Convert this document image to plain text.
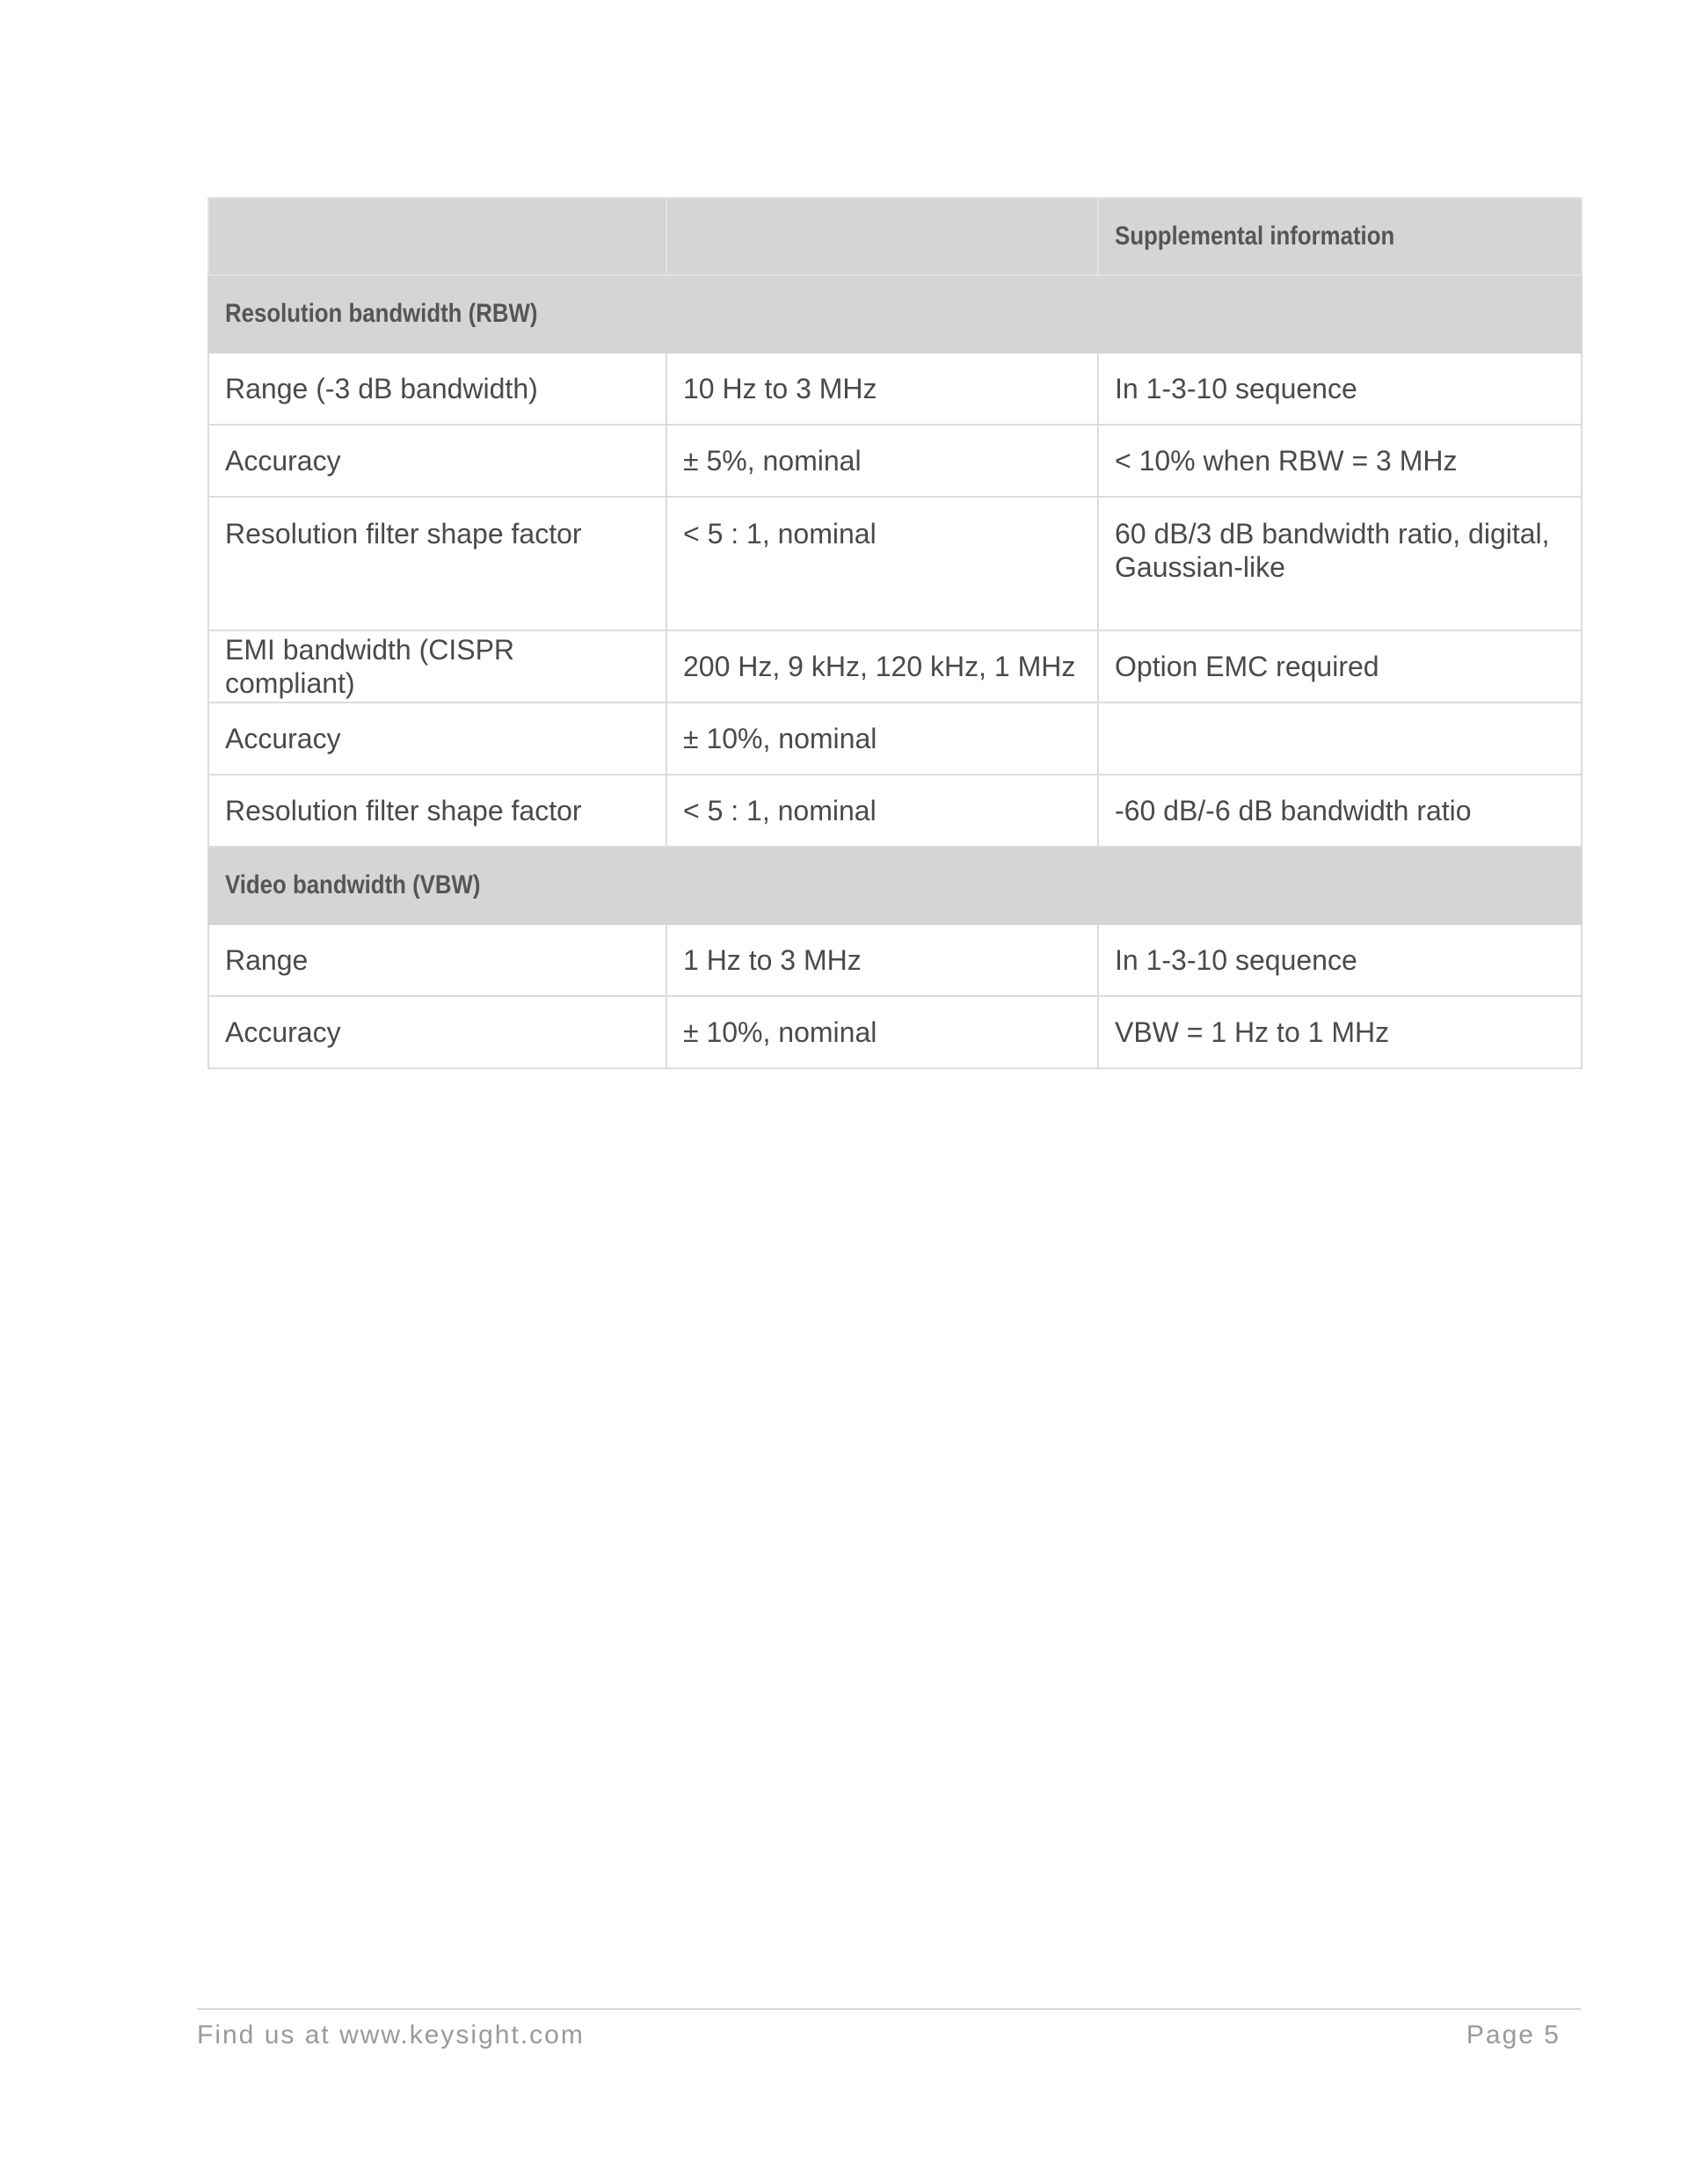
		Supplemental information
Resolution bandwidth (RBW)		
Range (-3 dB bandwidth)	10 Hz to 3 MHz	In 1-3-10 sequence
Accuracy	± 5%, nominal	< 10% when RBW = 3 MHz
Resolution filter shape factor	< 5 : 1, nominal	60 dB/3 dB bandwidth ratio, digital, Gaussian-like
EMI bandwidth (CISPR compliant)	200 Hz, 9 kHz, 120 kHz, 1 MHz	Option EMC required
Accuracy	± 10%, nominal	
Resolution filter shape factor	< 5 : 1, nominal	-60 dB/-6 dB bandwidth ratio
Video bandwidth (VBW)		
Range	1 Hz to 3 MHz	In 1-3-10 sequence
Accuracy	± 10%, nominal	VBW = 1 Hz to 1 MHz
Find us at www.keysight.com	Page 5
